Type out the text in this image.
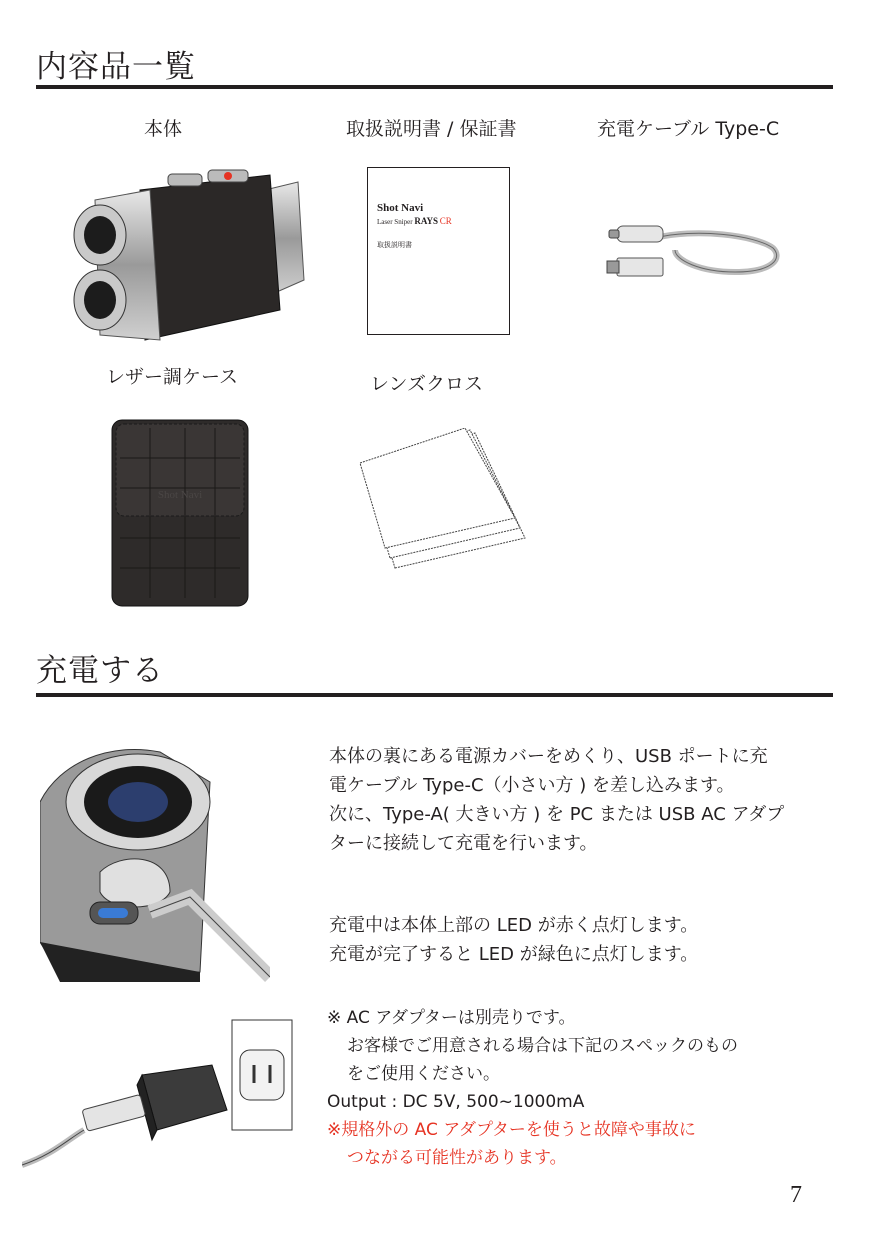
内容品一覧
本体	取扱説明書 / 保証書	充電ケーブル Type-C
レザー調ケース	レンズクロス
Shot Navi
Laser Sniper RAYS CR
取扱説明書
Shot Navi
充電する

本体の裏にある電源カバーをめくり、USB ポートに充

電ケーブル Type-C（小さい方 ) を差し込みます。

次に、Type-A( 大きい方 ) を PC または USB AC アダプ

ターに接続して充電を行います。

充電中は本体上部の LED が赤く点灯します。

充電が完了すると LED が緑色に点灯します。

※ AC アダプターは別売りです。

お客様でご用意される場合は下記のスペックのもの

をご使用ください。

Output : DC 5V, 500~1000mA

※規格外の AC アダプターを使うと故障や事故に

つながる可能性があります。

7
